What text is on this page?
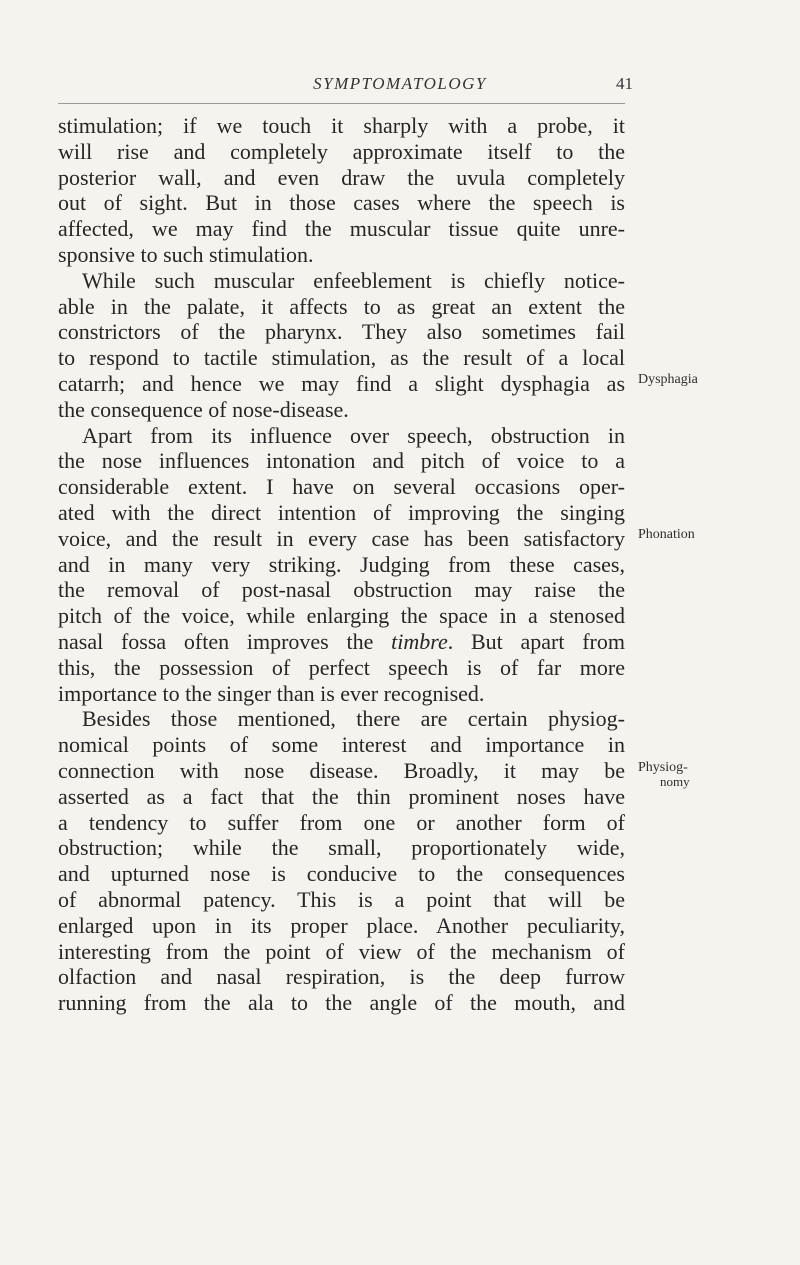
SYMPTOMATOLOGY	41
stimulation; if we touch it sharply with a probe, it
will rise and completely approximate itself to the
posterior wall, and even draw the uvula completely
out of sight. But in those cases where the speech is
affected, we may find the muscular tissue quite unre-
sponsive to such stimulation.
While such muscular enfeeblement is chiefly notice-
able in the palate, it affects to as great an extent the
constrictors of the pharynx. They also sometimes fail
to respond to tactile stimulation, as the result of a local
catarrh; and hence we may find a slight dysphagia as
the consequence of nose-disease.
Apart from its influence over speech, obstruction in
the nose influences intonation and pitch of voice to a
considerable extent. I have on several occasions oper-
ated with the direct intention of improving the singing
voice, and the result in every case has been satisfactory
and in many very striking. Judging from these cases,
the removal of post-nasal obstruction may raise the
pitch of the voice, while enlarging the space in a stenosed
nasal fossa often improves the timbre. But apart from
this, the possession of perfect speech is of far more
importance to the singer than is ever recognised.
Besides those mentioned, there are certain physiog-
nomical points of some interest and importance in
connection with nose disease. Broadly, it may be
asserted as a fact that the thin prominent noses have
a tendency to suffer from one or another form of
obstruction; while the small, proportionately wide,
and upturned nose is conducive to the consequences
of abnormal patency. This is a point that will be
enlarged upon in its proper place. Another peculiarity,
interesting from the point of view of the mechanism of
olfaction and nasal respiration, is the deep furrow
running from the ala to the angle of the mouth, and
Dysphagia
Phonation
Physiog-
nomy
